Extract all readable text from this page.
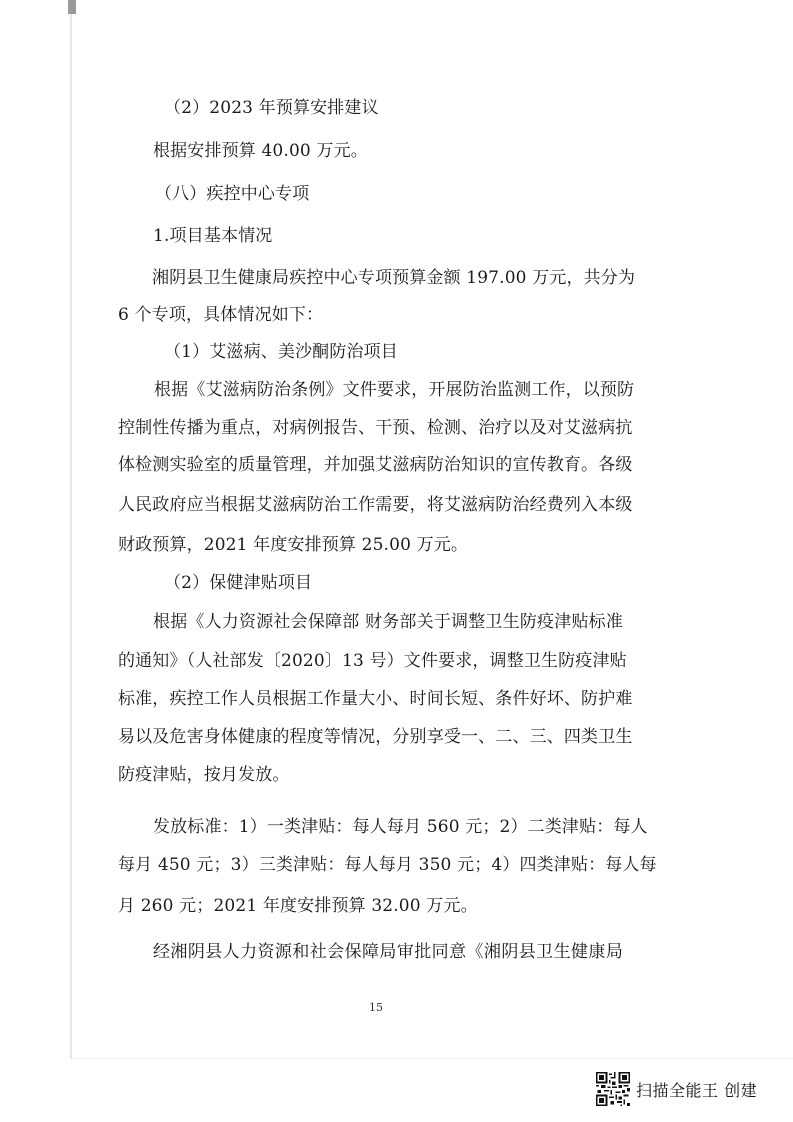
（2）2023 年预算安排建议
根据安排预算 40.00 万元。
（八）疾控中心专项
1.项目基本情况
湘阴县卫生健康局疾控中心专项预算金额 197.00 万元，共分为
6 个专项，具体情况如下：
（1）艾滋病、美沙酮防治项目
根据《艾滋病防治条例》文件要求，开展防治监测工作，以预防
控制性传播为重点，对病例报告、干预、检测、治疗以及对艾滋病抗
体检测实验室的质量管理，并加强艾滋病防治知识的宣传教育。各级
人民政府应当根据艾滋病防治工作需要，将艾滋病防治经费列入本级
财政预算，2021 年度安排预算 25.00 万元。
（2）保健津贴项目
根据《人力资源社会保障部 财务部关于调整卫生防疫津贴标准
的通知》（人社部发〔2020〕13 号）文件要求，调整卫生防疫津贴
标准，疾控工作人员根据工作量大小、时间长短、条件好坏、防护难
易以及危害身体健康的程度等情况，分别享受一、二、三、四类卫生
防疫津贴，按月发放。
发放标准：1）一类津贴：每人每月 560 元；2）二类津贴：每人
每月 450 元；3）三类津贴：每人每月 350 元；4）四类津贴：每人每
月 260 元；2021 年度安排预算 32.00 万元。
经湘阴县人力资源和社会保障局审批同意《湘阴县卫生健康局
15
扫描全能王 创建
